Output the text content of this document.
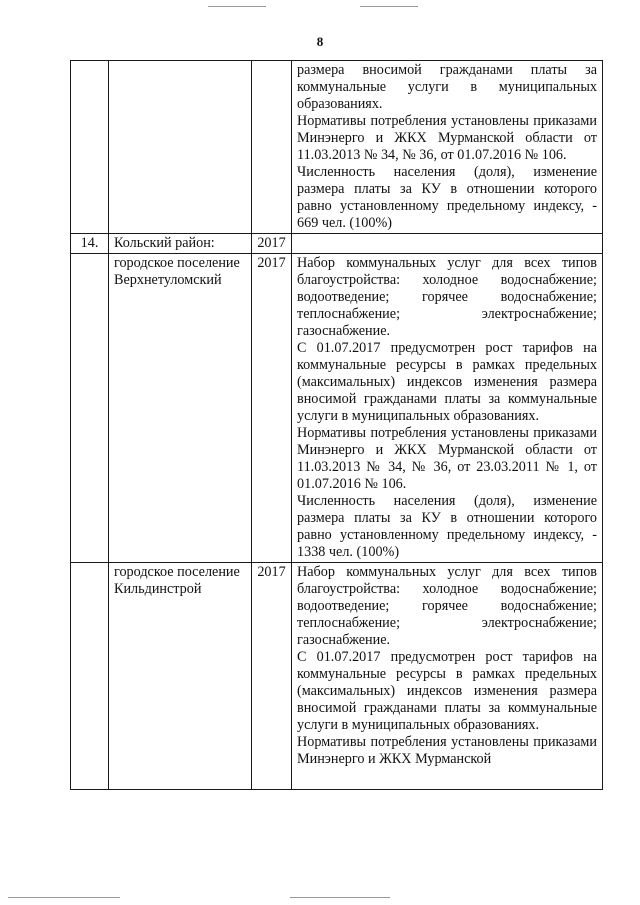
8

			размера вносимой гражданами платы за коммунальные услуги в муниципальных образованиях.

Нормативы потребления установлены приказами Минэнерго и ЖКХ Мурманской области от 11.03.2013 № 34, № 36, от 01.07.2016 № 106.

Численность населения (доля), изменение размера платы за КУ в отношении которого равно установленному предельному индексу, - 669 чел. (100%)

14.	Кольский район:	2017	
	городское поселение Верхнетуломский	2017	Набор коммунальных услуг для всех типов благоустройства: холодное водоснабжение; водоотведение; горячее водоснабжение; теплоснабжение; электроснабжение; газоснабжение.

С 01.07.2017 предусмотрен рост тарифов на коммунальные ресурсы в рамках предельных (максимальных) индексов изменения размера вносимой гражданами платы за коммунальные услуги в муниципальных образованиях.

Нормативы потребления установлены приказами Минэнерго и ЖКХ Мурманской области от 11.03.2013 № 34, № 36, от 23.03.2011 № 1, от 01.07.2016 № 106.

Численность населения (доля), изменение размера платы за КУ в отношении которого равно установленному предельному индексу, - 1338 чел. (100%)

	городское поселение Кильдинстрой	2017	Набор коммунальных услуг для всех типов благоустройства: холодное водоснабжение; водоотведение; горячее водоснабжение; теплоснабжение; электроснабжение; газоснабжение.

С 01.07.2017 предусмотрен рост тарифов на коммунальные ресурсы в рамках предельных (максимальных) индексов изменения размера вносимой гражданами платы за коммунальные услуги в муниципальных образованиях.

Нормативы потребления установлены приказами Минэнерго и ЖКХ Мурманской
